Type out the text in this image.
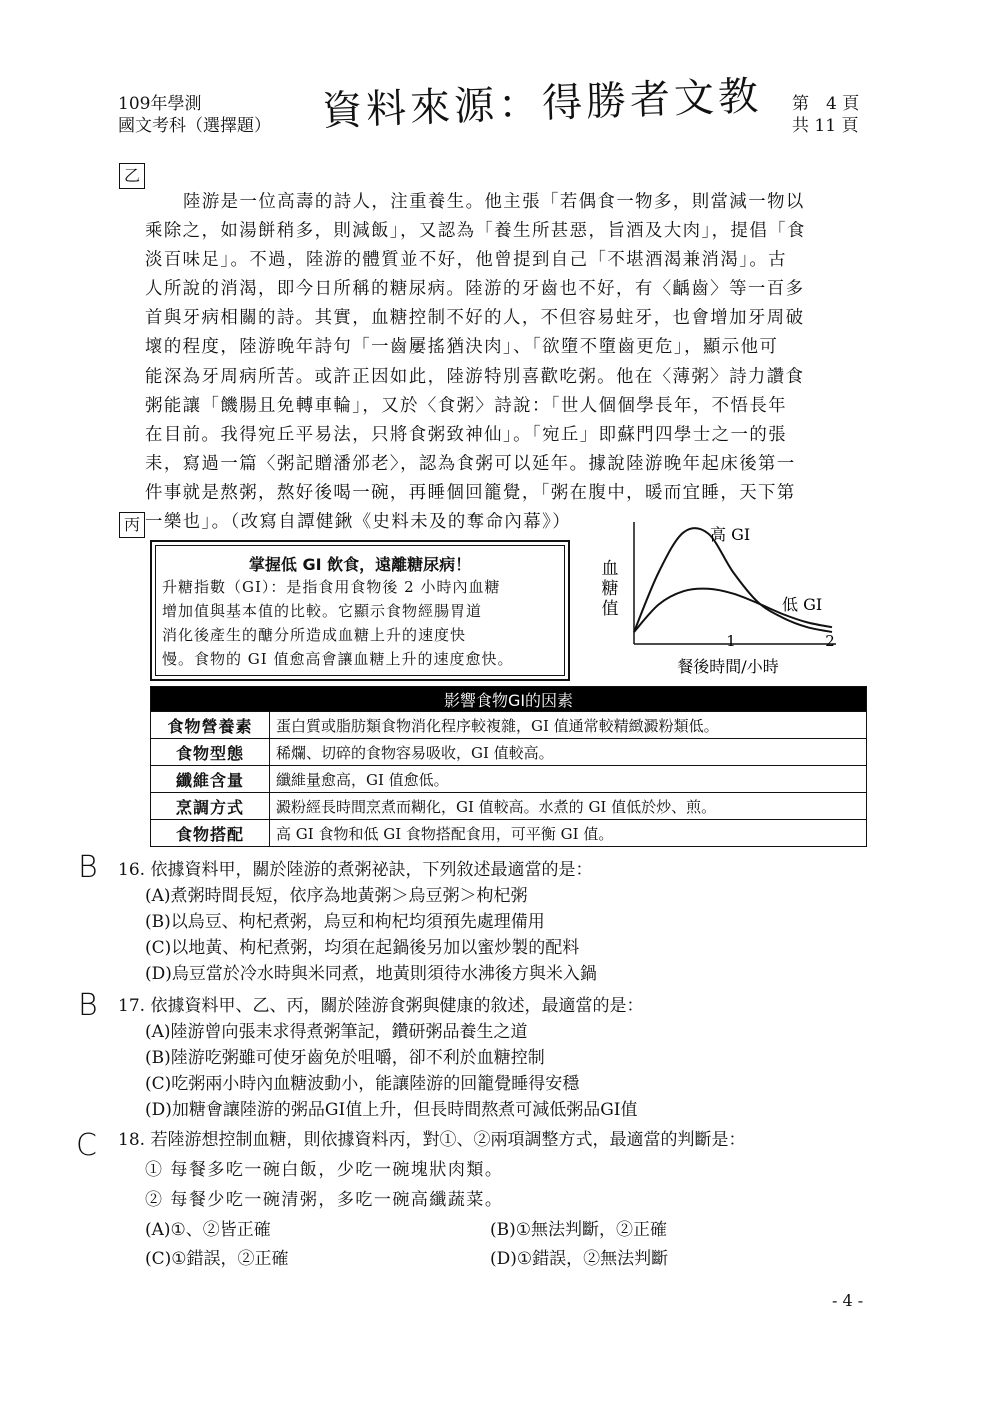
109年學測
國文考科（選擇題） 資料來源：得勝者文教 第　4 頁
共 11 頁
乙
陸游是一位高壽的詩人，注重養生。他主張「若偶食一物多，則當減一物以
乘除之，如湯餅稍多，則減飯」，又認為「養生所甚惡，旨酒及大肉」，提倡「食
淡百味足」。不過，陸游的體質並不好，他曾提到自己「不堪酒渴兼消渴」。古
人所說的消渴，即今日所稱的糖尿病。陸游的牙齒也不好，有〈齲齒〉等一百多
首與牙病相關的詩。其實，血糖控制不好的人，不但容易蛀牙，也會增加牙周破
壞的程度，陸游晚年詩句「一齒屢搖猶決肉」、「欲墮不墮齒更危」，顯示他可
能深為牙周病所苦。或許正因如此，陸游特別喜歡吃粥。他在〈薄粥〉詩力讚食
粥能讓「饑腸且免轉車輪」，又於〈食粥〉詩說：「世人個個學長年，不悟長年
在目前。我得宛丘平易法，只將食粥致神仙」。「宛丘」即蘇門四學士之一的張
耒，寫過一篇〈粥記贈潘邠老〉，認為食粥可以延年。據說陸游晚年起床後第一
件事就是熬粥，熬好後喝一碗，再睡個回籠覺，「粥在腹中，暖而宜睡，天下第
一樂也」。（改寫自譚健鍬《史料未及的奪命內幕》）
丙
掌握低 GI 飲食，遠離糖尿病！
升糖指數（GI）：是指食用食物後 2 小時內血糖
增加值與基本值的比較。它顯示食物經腸胃道
消化後產生的醣分所造成血糖上升的速度快
慢。食物的 GI 值愈高會讓血糖上升的速度愈快。
血
糖
值
餐後時間/小時
1	2
高 GI
低 GI
影響食物GI的因素	
食物營養素	蛋白質或脂肪類食物消化程序較複雜，GI 值通常較精緻澱粉類低。
食物型態	稀爛、切碎的食物容易吸收，GI 值較高。
纖維含量	纖維量愈高，GI 值愈低。
烹調方式	澱粉經長時間烹煮而糊化，GI 值較高。水煮的 GI 值低於炒、煎。
食物搭配	高 GI 食物和低 GI 食物搭配食用，可平衡 GI 值。
B 16. 依據資料甲，關於陸游的煮粥祕訣，下列敘述最適當的是：
(A)煮粥時間長短，依序為地黃粥＞烏豆粥＞枸杞粥
(B)以烏豆、枸杞煮粥，烏豆和枸杞均須預先處理備用
(C)以地黃、枸杞煮粥，均須在起鍋後另加以蜜炒製的配料
(D)烏豆當於冷水時與米同煮，地黃則須待水沸後方與米入鍋
B 17. 依據資料甲、乙、丙，關於陸游食粥與健康的敘述，最適當的是：
(A)陸游曾向張耒求得煮粥筆記，鑽研粥品養生之道
(B)陸游吃粥雖可使牙齒免於咀嚼，卻不利於血糖控制
(C)吃粥兩小時內血糖波動小，能讓陸游的回籠覺睡得安穩
(D)加糖會讓陸游的粥品GI值上升，但長時間熬煮可減低粥品GI值
C 18. 若陸游想控制血糖，則依據資料丙，對①、②兩項調整方式，最適當的判斷是：
① 每餐多吃一碗白飯，少吃一碗塊狀肉類。
② 每餐少吃一碗清粥，多吃一碗高纖蔬菜。
(A)①、②皆正確	(B)①無法判斷，②正確
(C)①錯誤，②正確	(D)①錯誤，②無法判斷
- 4 -
